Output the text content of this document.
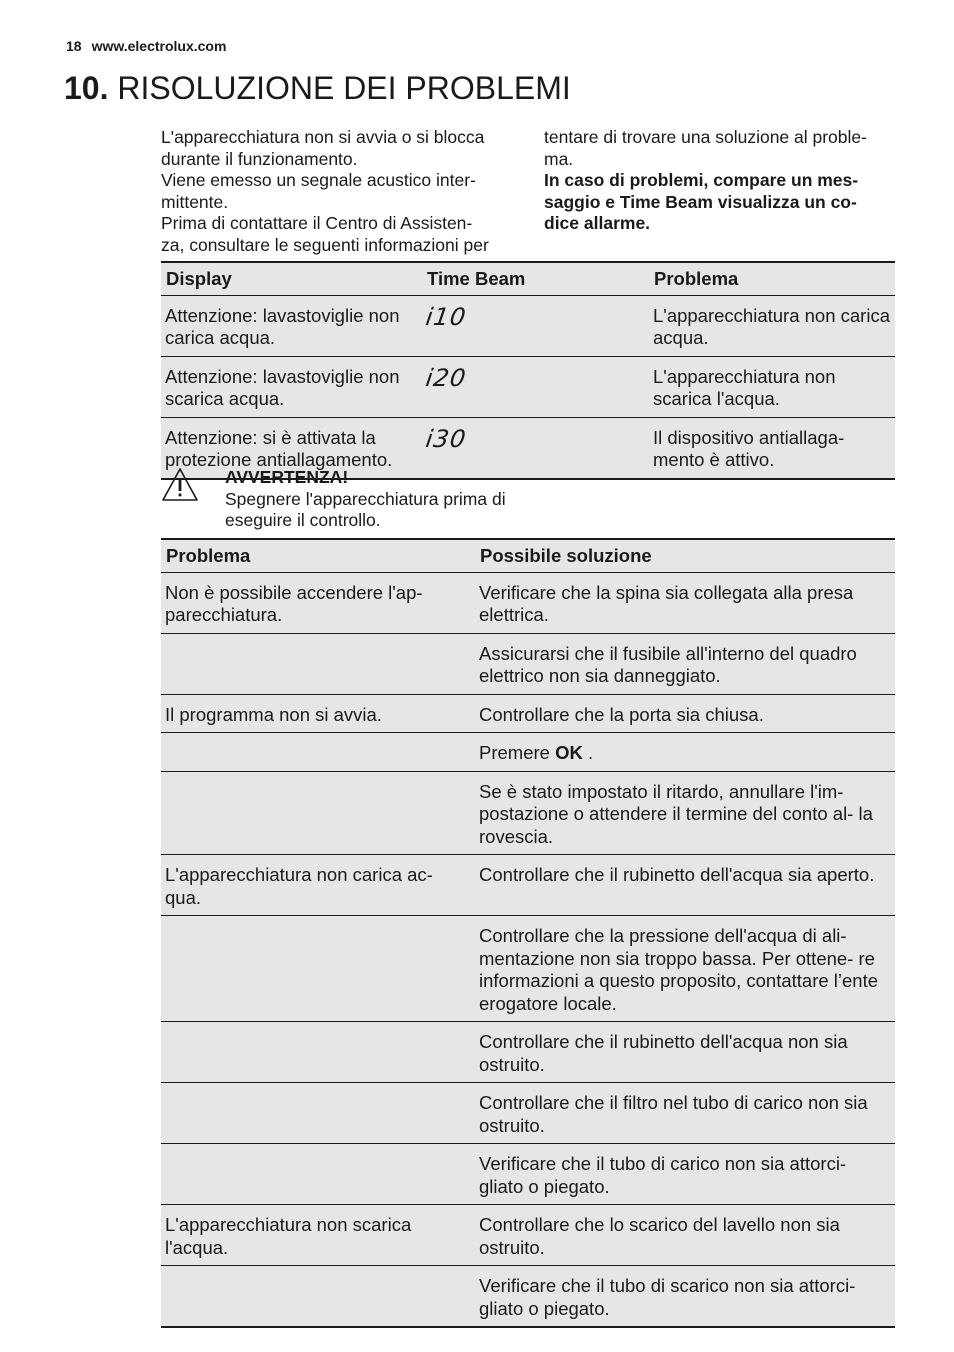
18 www.electrolux.com
10. RISOLUZIONE DEI PROBLEMI

L'apparecchiatura non si avvia o si blocca

durante il funzionamento.

Viene emesso un segnale acustico inter-

mittente.

Prima di contattare il Centro di Assisten-

za, consultare le seguenti informazioni per

tentare di trovare una soluzione al proble-

ma.

In caso di problemi, compare un mes-

saggio e Time Beam visualizza un co-

dice allarme.

Display	Time Beam	Problema
Attenzione: lavastoviglie non carica acqua.	i10	L'apparecchiatura non carica acqua.
Attenzione: lavastoviglie non scarica acqua.	i20	L'apparecchiatura non scarica l'acqua.
Attenzione: si è attivata la protezione antiallagamento.	i30	Il dispositivo antiallaga- mento è attivo.
AVVERTENZA!
Spegnere l'apparecchiatura prima di eseguire il controllo.
Problema	Possibile soluzione
Non è possibile accendere l'ap- parecchiatura.	Verificare che la spina sia collegata alla presa elettrica.
	Assicurarsi che il fusibile all'interno del quadro elettrico non sia danneggiato.
Il programma non si avvia.	Controllare che la porta sia chiusa.
	Premere OK .
	Se è stato impostato il ritardo, annullare l'im- postazione o attendere il termine del conto al- la rovescia.
L'apparecchiatura non carica ac- qua.	Controllare che il rubinetto dell'acqua sia aperto.
	Controllare che la pressione dell'acqua di ali- mentazione non sia troppo bassa. Per ottene- re informazioni a questo proposito, contattare l’ente erogatore locale.
	Controllare che il rubinetto dell'acqua non sia ostruito.
	Controllare che il filtro nel tubo di carico non sia ostruito.
	Verificare che il tubo di carico non sia attorci- gliato o piegato.
L'apparecchiatura non scarica l'acqua.	Controllare che lo scarico del lavello non sia ostruito.
	Verificare che il tubo di scarico non sia attorci- gliato o piegato.
